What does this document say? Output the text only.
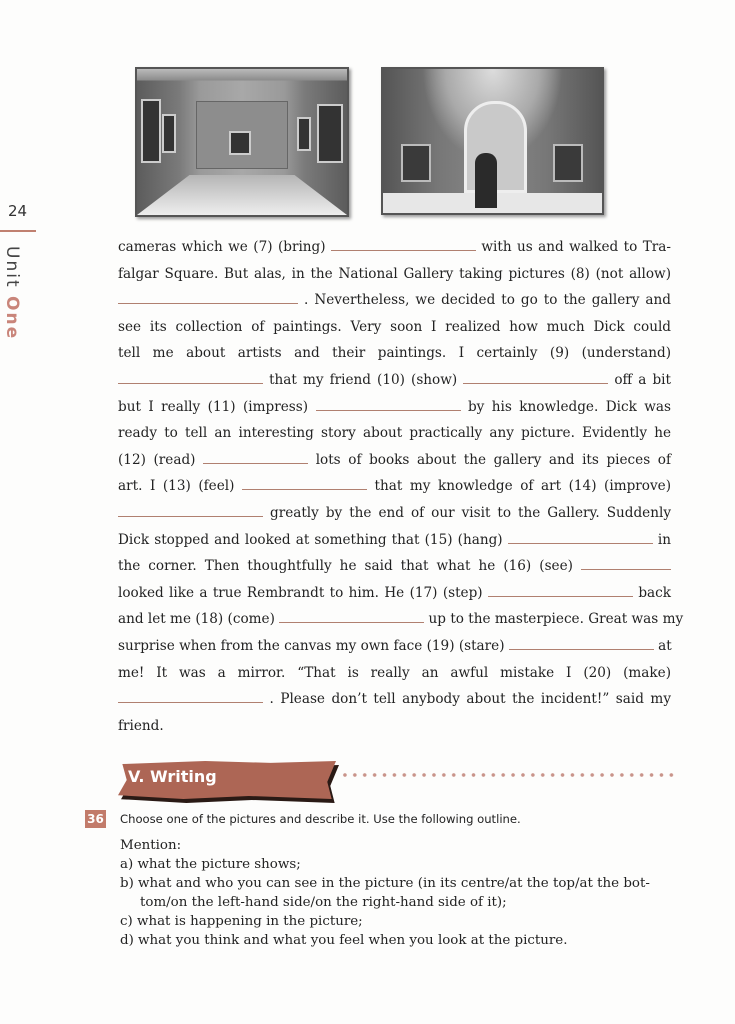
24
Unit One
cameras which we (7) (bring)	with us and walked to Tra-
falgar Square. But alas, in the National Gallery taking pictures (8) (not allow)
. Nevertheless, we decided to go to the gallery and
see its collection of paintings. Very soon I realized how much Dick could
tell me about artists and their paintings. I certainly (9) (understand)
that my friend (10) (show)	off a bit
but I really (11) (impress)	by his knowledge. Dick was
ready to tell an interesting story about practically any picture. Evidently he
(12) (read)	lots of books about the gallery and its pieces of
art. I (13) (feel)	that my knowledge of art (14) (improve)
greatly by the end of our visit to the Gallery. Suddenly
Dick stopped and looked at something that (15) (hang)	in
the corner. Then thoughtfully he said that what he (16) (see)
looked like a true Rembrandt to him. He (17) (step)	back
and let me (18) (come)	up to the masterpiece. Great was my
surprise when from the canvas my own face (19) (stare)	at
me! It was a mirror. “That is really an awful mistake I (20) (make)
. Please don’t tell anybody about the incident!” said my
friend.
V. Writing
36 Choose one of the pictures and describe it. Use the following outline.
Mention:
a) what the picture shows;
b) what and who you can see in the picture (in its centre/at the top/at the bot-
tom/on the left-hand side/on the right-hand side of it);
c) what is happening in the picture;
d) what you think and what you feel when you look at the picture.
